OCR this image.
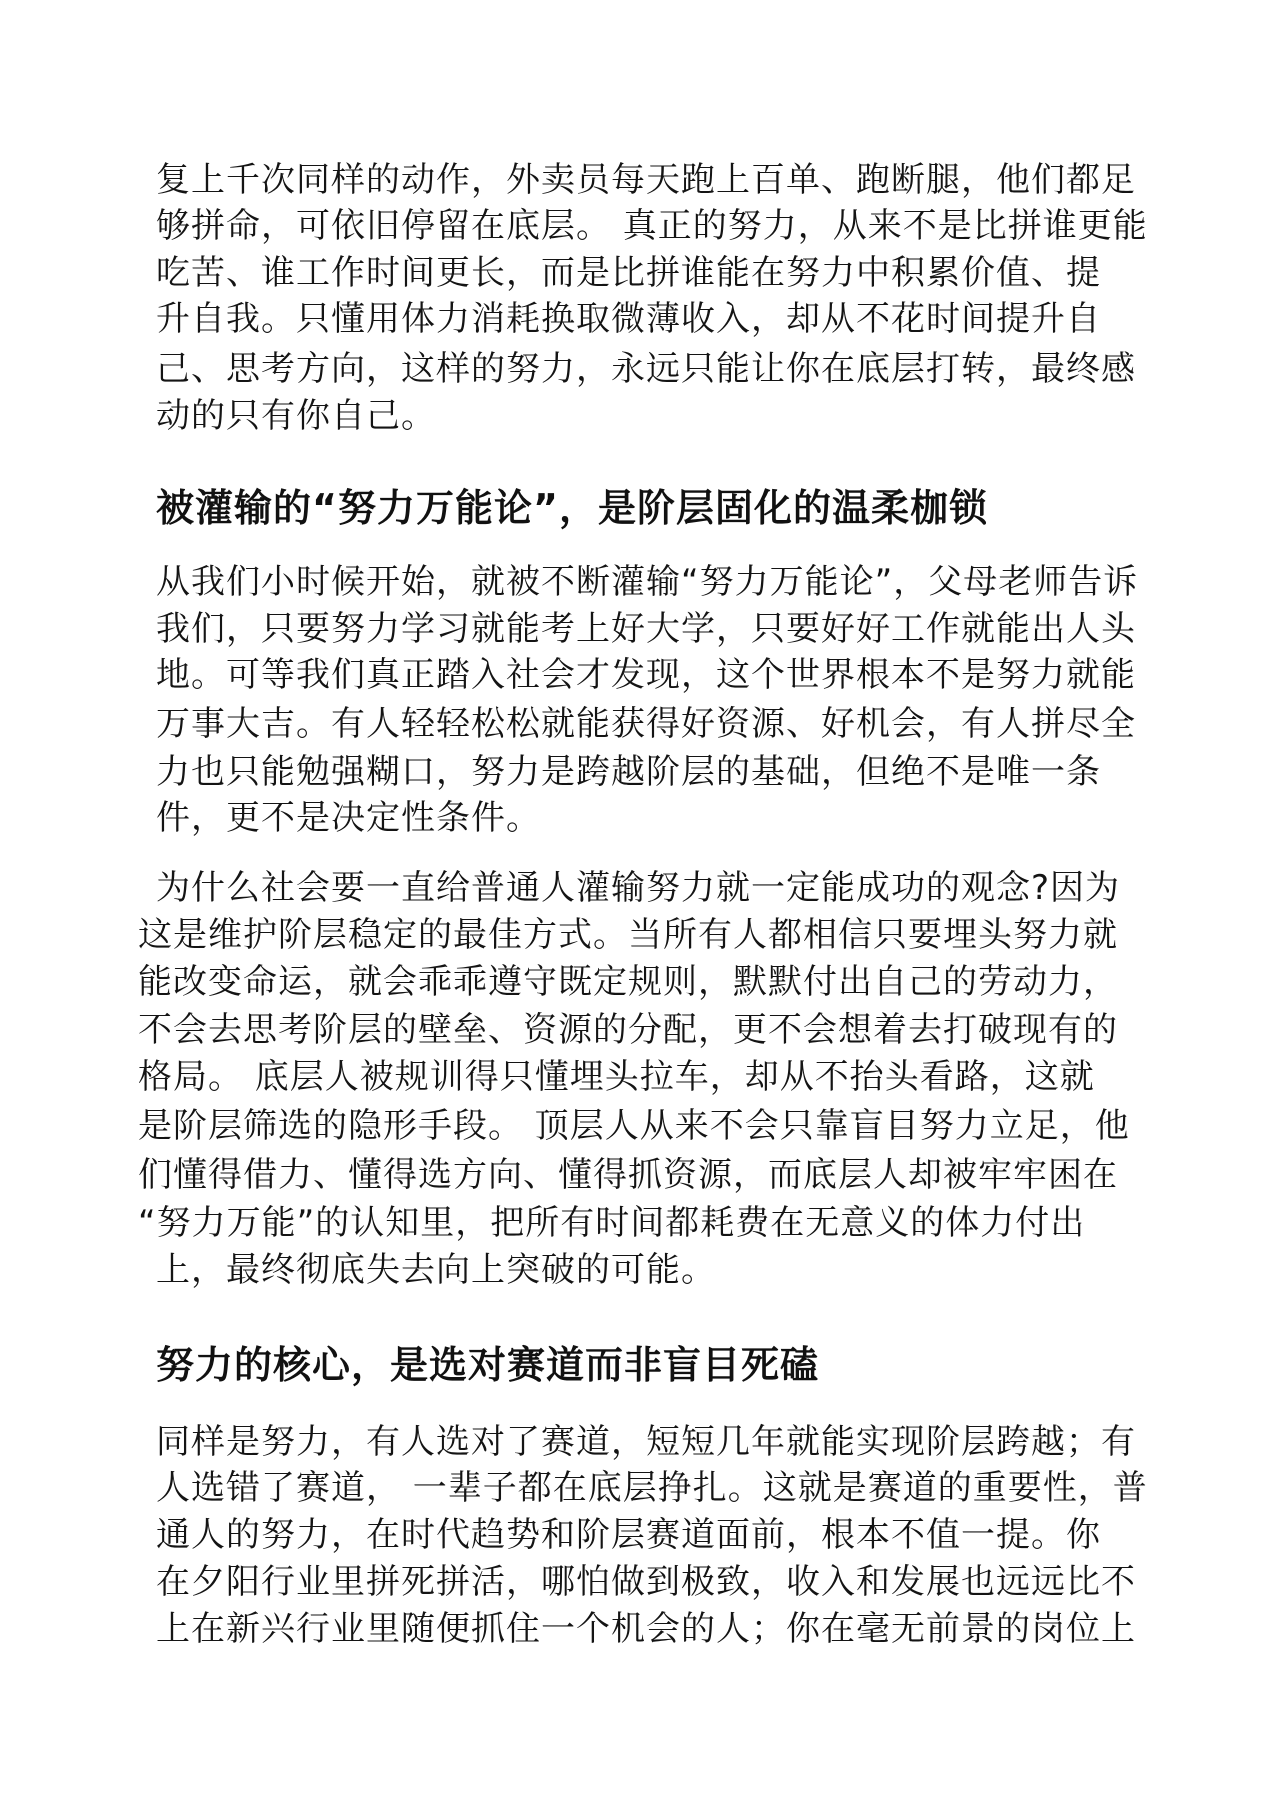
复上千次同样的动作，外卖员每天跑上百单、跑断腿，他们都足
够拼命，可依旧停留在底层。 真正的努力，从来不是比拼谁更能
吃苦、谁工作时间更长，而是比拼谁能在努力中积累价值、提
升自我。只懂用体力消耗换取微薄收入，却从不花时间提升自
己、思考方向，这样的努力，永远只能让你在底层打转，最终感
动的只有你自己。
被灌输的“努力万能论”，是阶层固化的温柔枷锁
从我们小时候开始，就被不断灌输“努力万能论”，父母老师告诉
我们，只要努力学习就能考上好大学，只要好好工作就能出人头
地。可等我们真正踏入社会才发现，这个世界根本不是努力就能
万事大吉。有人轻轻松松就能获得好资源、好机会，有人拼尽全
力也只能勉强糊口，努力是跨越阶层的基础，但绝不是唯一条
件，更不是决定性条件。
为什么社会要一直给普通人灌输努力就一定能成功的观念?因为
这是维护阶层稳定的最佳方式。当所有人都相信只要埋头努力就
能改变命运，就会乖乖遵守既定规则，默默付出自己的劳动力，
不会去思考阶层的壁垒、资源的分配，更不会想着去打破现有的
格局。 底层人被规训得只懂埋头拉车，却从不抬头看路，这就
是阶层筛选的隐形手段。 顶层人从来不会只靠盲目努力立足，他
们懂得借力、懂得选方向、懂得抓资源，而底层人却被牢牢困在
“努力万能”的认知里，把所有时间都耗费在无意义的体力付出
上，最终彻底失去向上突破的可能。
努力的核心，是选对赛道而非盲目死磕
同样是努力，有人选对了赛道，短短几年就能实现阶层跨越；有
人选错了赛道， 一辈子都在底层挣扎。这就是赛道的重要性，普
通人的努力，在时代趋势和阶层赛道面前，根本不值一提。你
在夕阳行业里拼死拼活，哪怕做到极致，收入和发展也远远比不
上在新兴行业里随便抓住一个机会的人；你在毫无前景的岗位上
